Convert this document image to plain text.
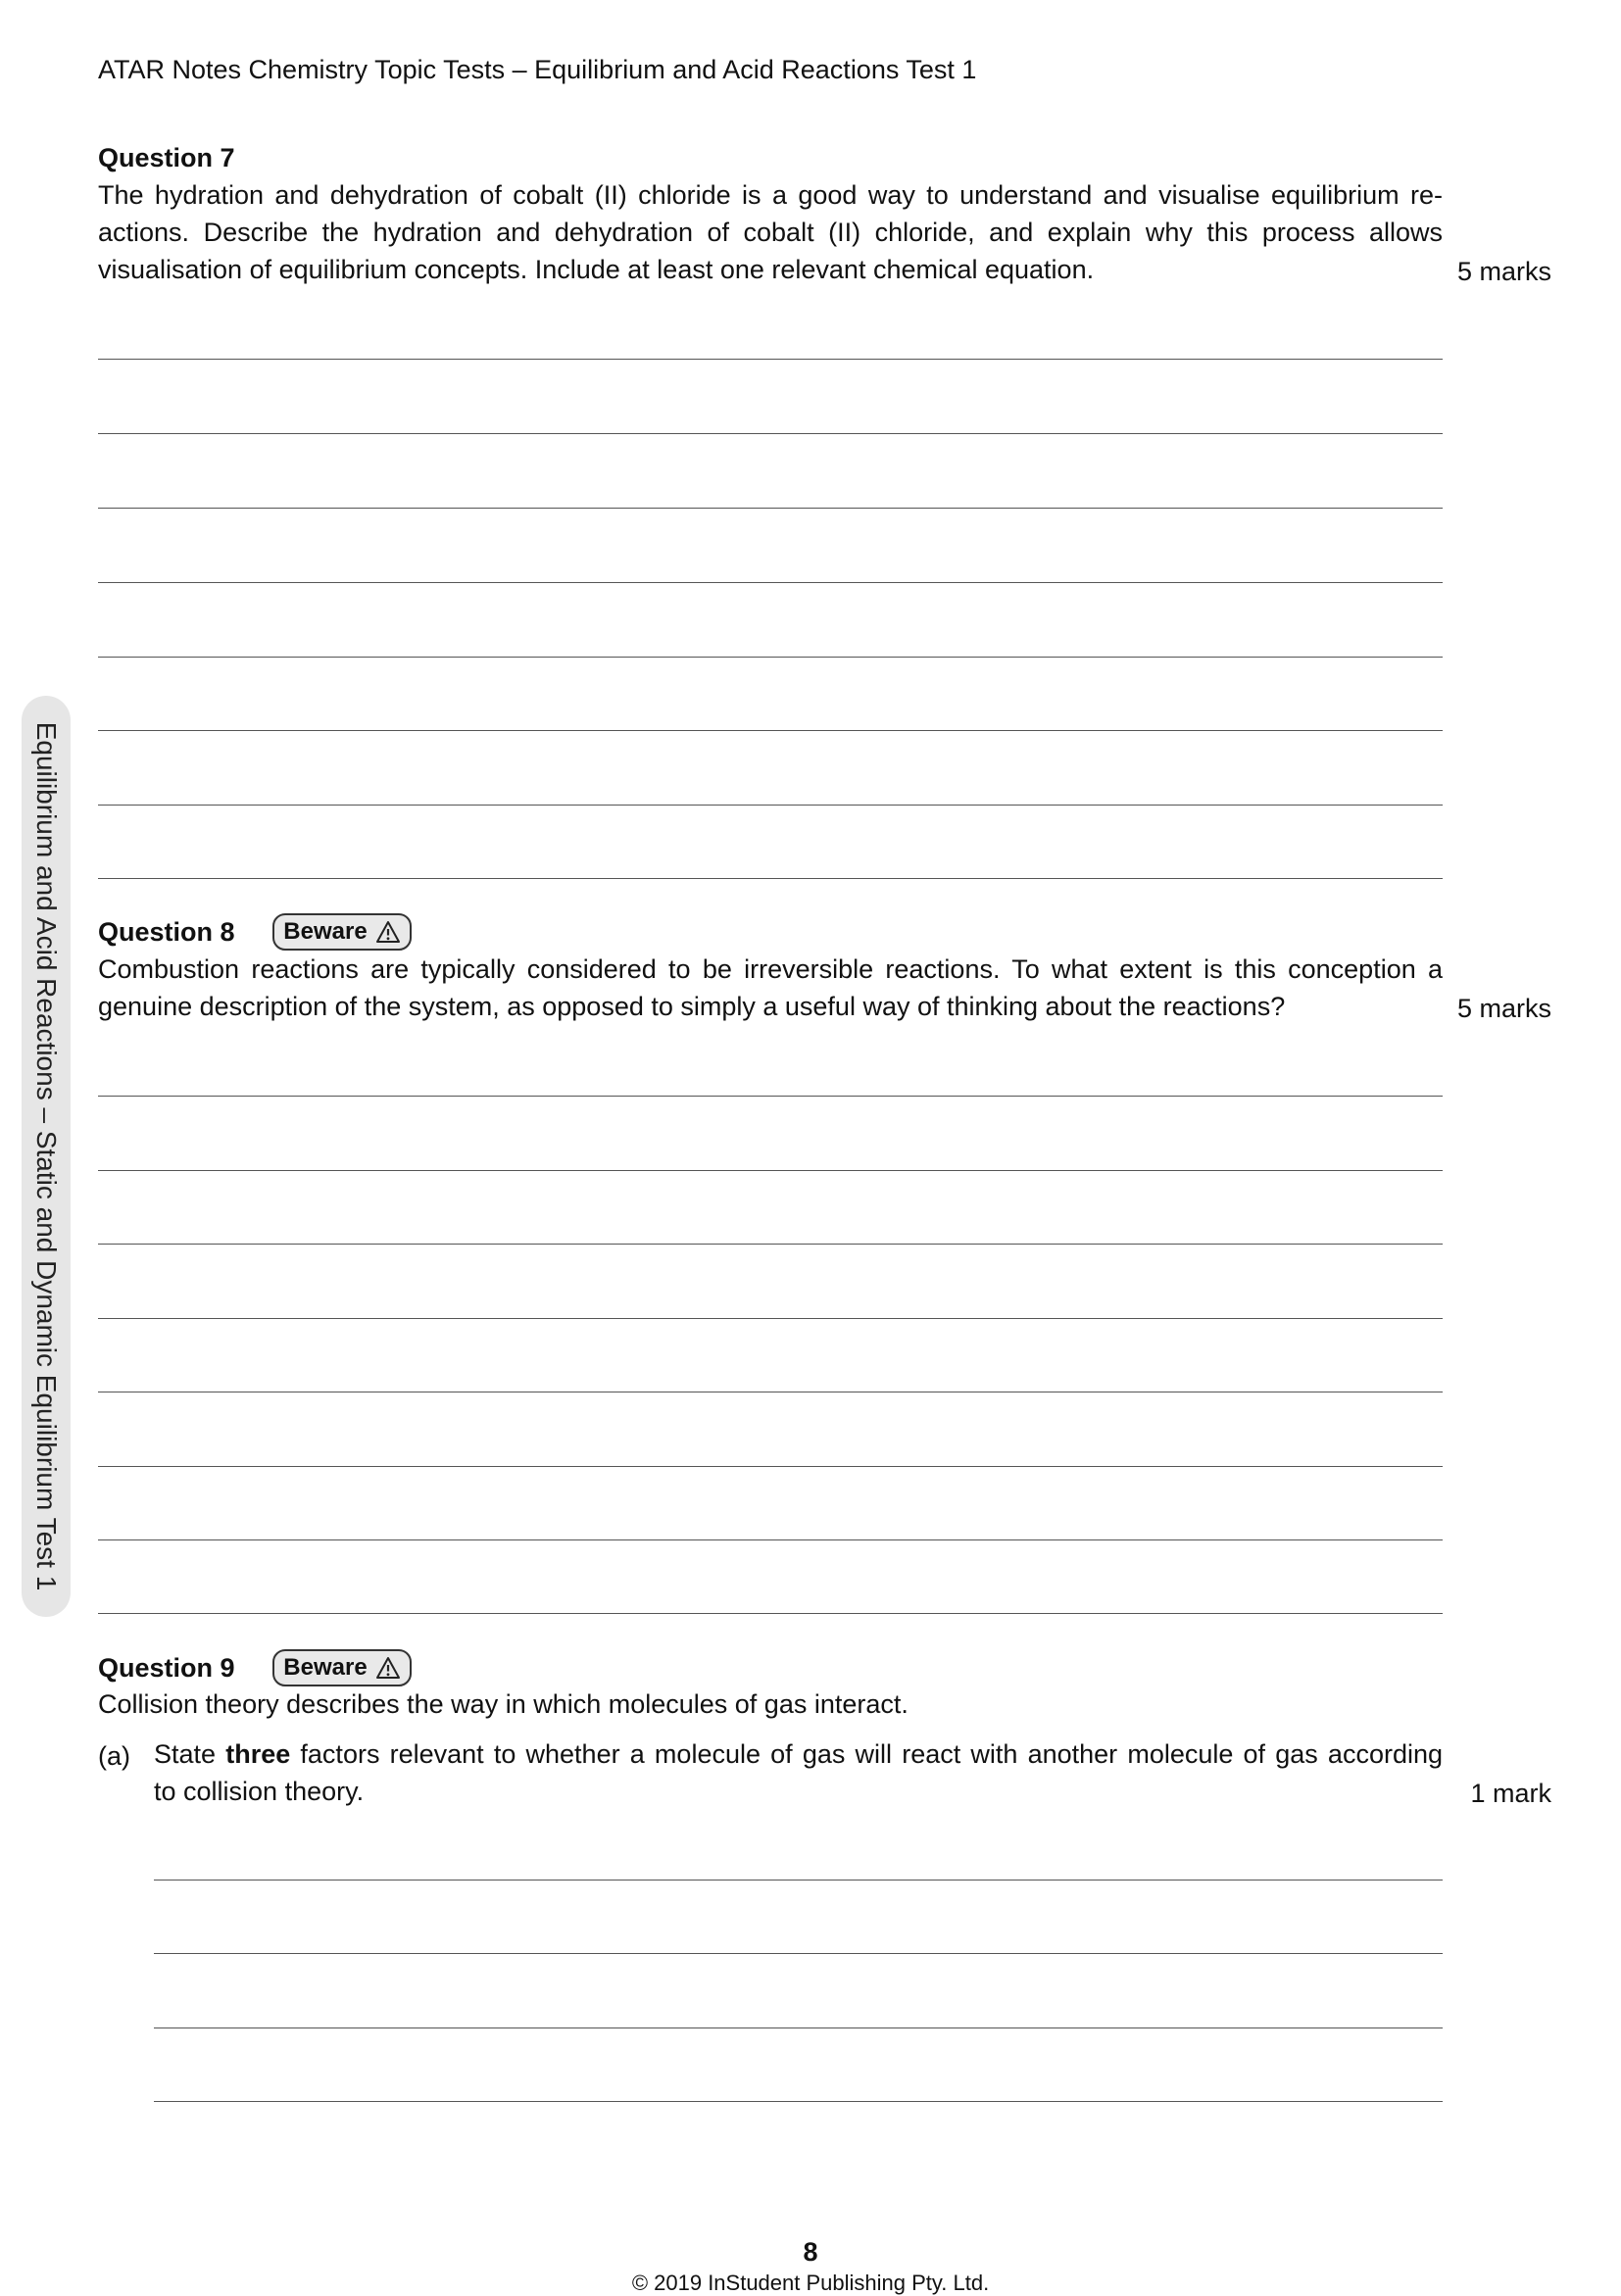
ATAR Notes Chemistry Topic Tests – Equilibrium and Acid Reactions Test 1
Equilibrium and Acid Reactions – Static and Dynamic Equilibrium Test 1
Question 7
The hydration and dehydration of cobalt (II) chloride is a good way to understand and visualise equilibrium re-
actions. Describe the hydration and dehydration of cobalt (II) chloride, and explain why this process allows
visualisation of equilibrium concepts. Include at least one relevant chemical equation.	5 marks
Question 8 Beware
Combustion reactions are typically considered to be irreversible reactions. To what extent is this conception a
genuine description of the system, as opposed to simply a useful way of thinking about the reactions?	5 marks
Question 9 Beware
Collision theory describes the way in which molecules of gas interact.
(a) State three factors relevant to whether a molecule of gas will react with another molecule of gas according
to collision theory.	1 mark
8
© 2019 InStudent Publishing Pty. Ltd.
